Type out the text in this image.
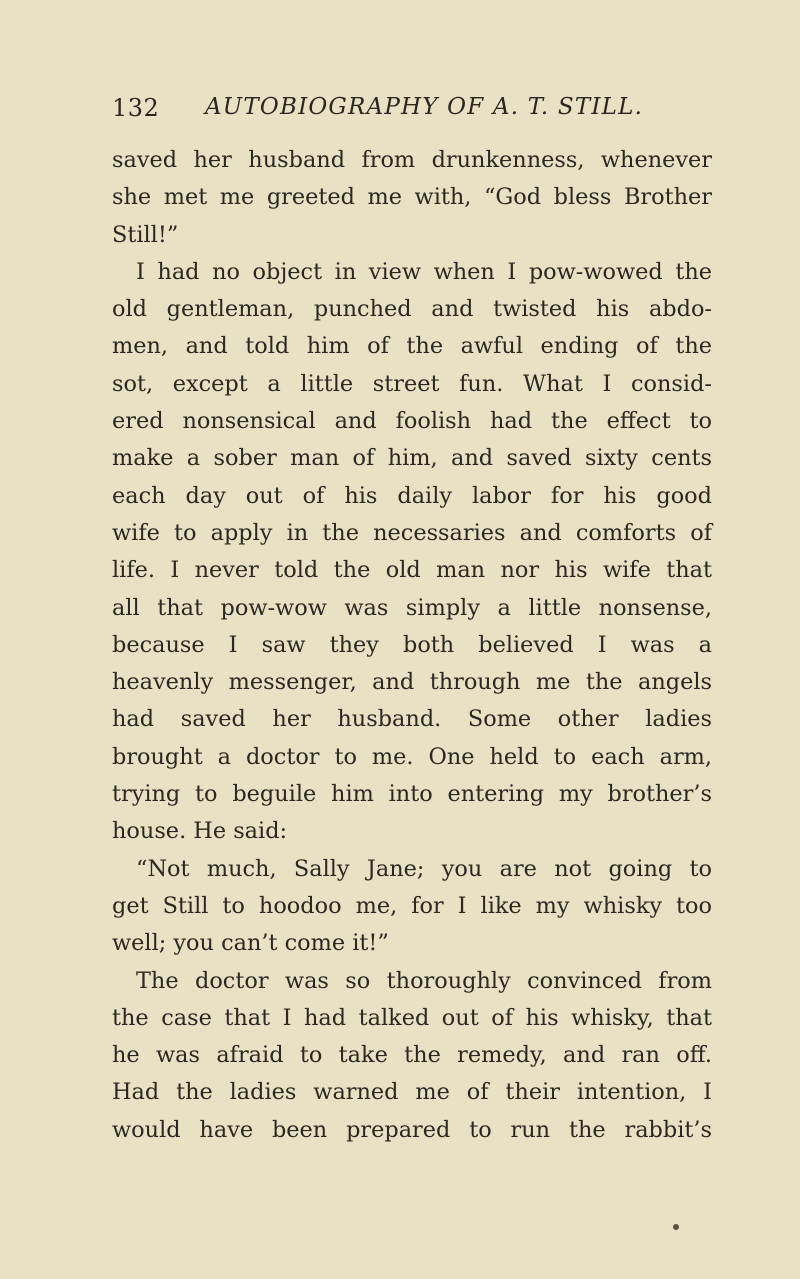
132 AUTOBIOGRAPHY OF A. T. STILL.
saved her husband from drunkenness, whenever
she met me greeted me with, “God bless Brother
Still!”
I had no object in view when I pow-wowed the
old gentleman, punched and twisted his abdo-
men, and told him of the awful ending of the
sot, except a little street fun. What I consid-
ered nonsensical and foolish had the effect to
make a sober man of him, and saved sixty cents
each day out of his daily labor for his good
wife to apply in the necessaries and comforts of
life. I never told the old man nor his wife that
all that pow-wow was simply a little nonsense,
because I saw they both believed I was a
heavenly messenger, and through me the angels
had saved her husband. Some other ladies
brought a doctor to me. One held to each arm,
trying to beguile him into entering my brother’s
house. He said:
“Not much, Sally Jane; you are not going to
get Still to hoodoo me, for I like my whisky too
well; you can’t come it!”
The doctor was so thoroughly convinced from
the case that I had talked out of his whisky, that
he was afraid to take the remedy, and ran off.
Had the ladies warned me of their intention, I
would have been prepared to run the rabbit’s
